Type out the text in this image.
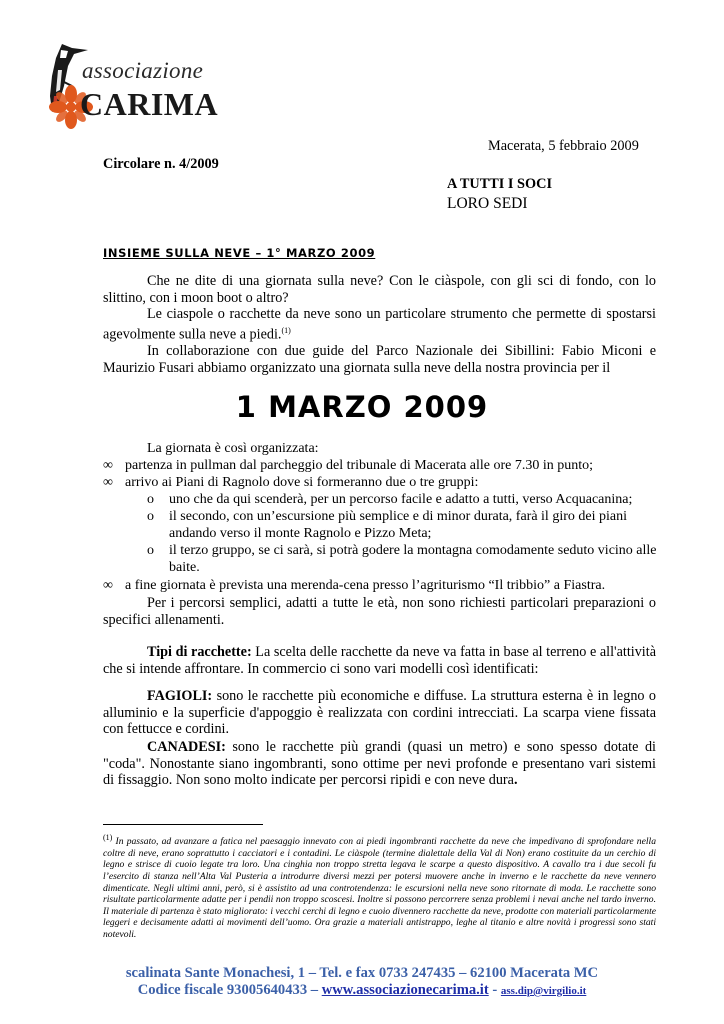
associazione
CARIMA
Macerata, 5 febbraio 2009
Circolare n. 4/2009
A TUTTI I SOCI
LORO SEDI
INSIEME SULLA NEVE – 1° MARZO 2009
Che ne dite di una giornata sulla neve? Con le ciàspole, con gli sci di fondo, con lo slittino, con i moon boot o altro?
Le ciaspole o racchette da neve sono un particolare strumento che permette di spostarsi agevolmente sulla neve a piedi.$^{(1)}$
In collaborazione con due guide del Parco Nazionale dei Sibillini: Fabio Miconi e Maurizio Fusari abbiamo organizzato una giornata sulla neve della nostra provincia per il
1 MARZO 2009
La giornata è così organizzata:
∞ partenza in pullman dal parcheggio del tribunale di Macerata alle ore 7.30 in punto;
∞ arrivo ai Piani di Ragnolo dove si formeranno due o tre gruppi:
o uno che da qui scenderà, per un percorso facile e adatto a tutti, verso Acquacanina;
o	il secondo, con un’escursione più semplice e di minor durata, farà il giro dei piani andando verso il monte Ragnolo e Pizzo Meta;
o	il terzo gruppo, se ci sarà, si potrà godere la montagna comodamente seduto vicino alle baite.
∞ a fine giornata è prevista una merenda-cena presso l’agriturismo “Il tribbio” a Fiastra.
Per i percorsi semplici, adatti a tutte le età, non sono richiesti particolari preparazioni o specifici allenamenti.
Tipi di racchette: La scelta delle racchette da neve va fatta in base al terreno e all'attività che si intende affrontare. In commercio ci sono vari modelli così identificati:
FAGIOLI: sono le racchette più economiche e diffuse. La struttura esterna è in legno o alluminio e la superficie d'appoggio è realizzata con cordini intrecciati. La scarpa viene fissata con fettucce e cordini.
CANADESI: sono le racchette più grandi (quasi un metro) e sono spesso dotate di "coda". Nonostante siano ingombranti, sono ottime per nevi profonde e presentano vari sistemi di fissaggio. Non sono molto indicate per percorsi ripidi e con neve dura.
$^{(1)}$ In passato, ad avanzare a fatica nel paesaggio innevato con ai piedi ingombranti racchette da neve che impedivano di sprofondare nella coltre di neve, erano soprattutto i cacciatori e i contadini. Le ciàspole (termine dialettale della Val di Non) erano costituite da un cerchio di legno e strisce di cuoio legate tra loro. Una cinghia non troppo stretta legava le scarpe a questo dispositivo. A cavallo tra i due secoli fu l’esercito di stanza nell’Alta Val Pusteria a introdurre diversi mezzi per potersi muovere anche in inverno e le racchette da neve vennero dimenticate. Negli ultimi anni, però, si è assistito ad una controtendenza: le escursioni nella neve sono ritornate di moda. Le racchette sono risultate particolarmente adatte per i pendii non troppo scoscesi. Inoltre si possono percorrere senza problemi i nevai anche nel tardo inverno. Il materiale di partenza è stato migliorato: i vecchi cerchi di legno e cuoio divennero racchette da neve, prodotte con materiali particolarmente leggeri e decisamente adatti ai movimenti dell’uomo. Ora grazie a materiali antistrappo, leghe al titanio e altre novità i progressi sono stati notevoli.
scalinata Sante Monachesi, 1 – Tel. e fax 0733 247435 – 62100 Macerata MC
Codice fiscale 93005640433 – www.associazionecarima.it - ass.dip@virgilio.it
